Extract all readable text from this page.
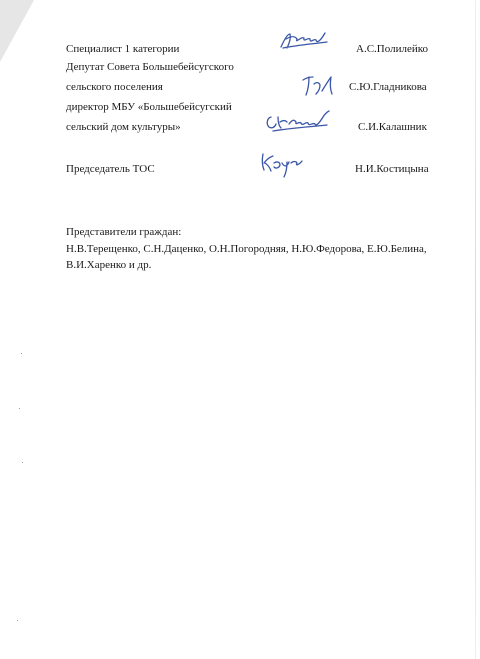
Специалист 1 категории	А.С.Полилейко
Депутат Совета Большебейсугского
сельского поселения	С.Ю.Гладникова
директор МБУ «Большебейсугский
сельский дом культуры»	С.И.Калашник
Председатель ТОС	Н.И.Костицына
Представители граждан:
Н.В.Терещенко, С.Н.Даценко, О.Н.Погородняя, Н.Ю.Федорова, Е.Ю.Белина,
В.И.Харенко и др.
